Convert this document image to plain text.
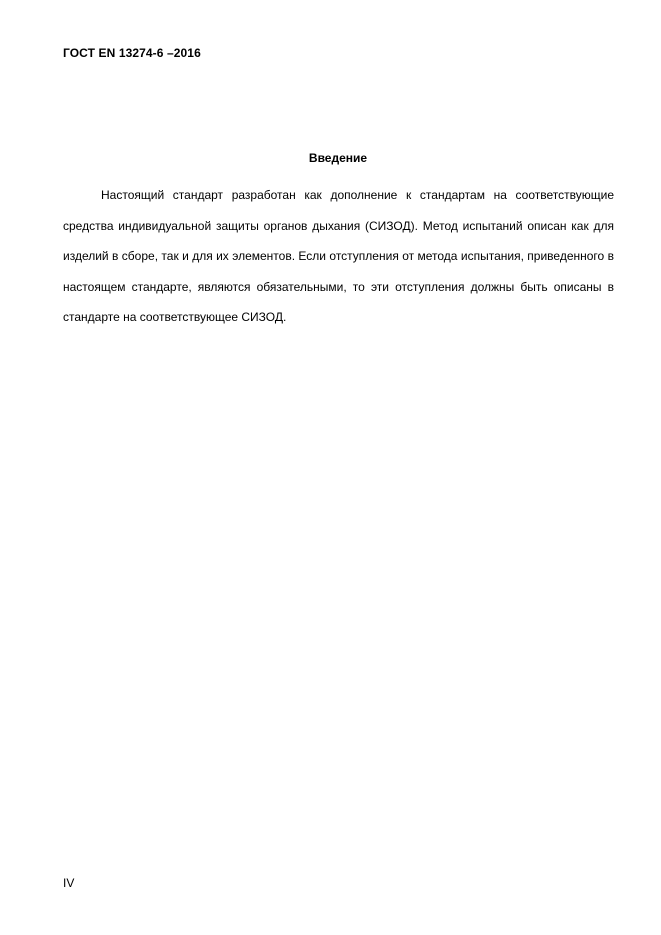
ГОСТ EN 13274-6 –2016
Введение

Настоящий стандарт разработан как дополнение к стандартам на соответствующие средства индивидуальной защиты органов дыхания (СИЗОД). Метод испытаний описан как для изделий в сборе, так и для их элементов. Если отступления от метода испытания, приведенного в настоящем стандарте, являются обязательными, то эти отступления должны быть описаны в стандарте на соответствующее СИЗОД.

IV
